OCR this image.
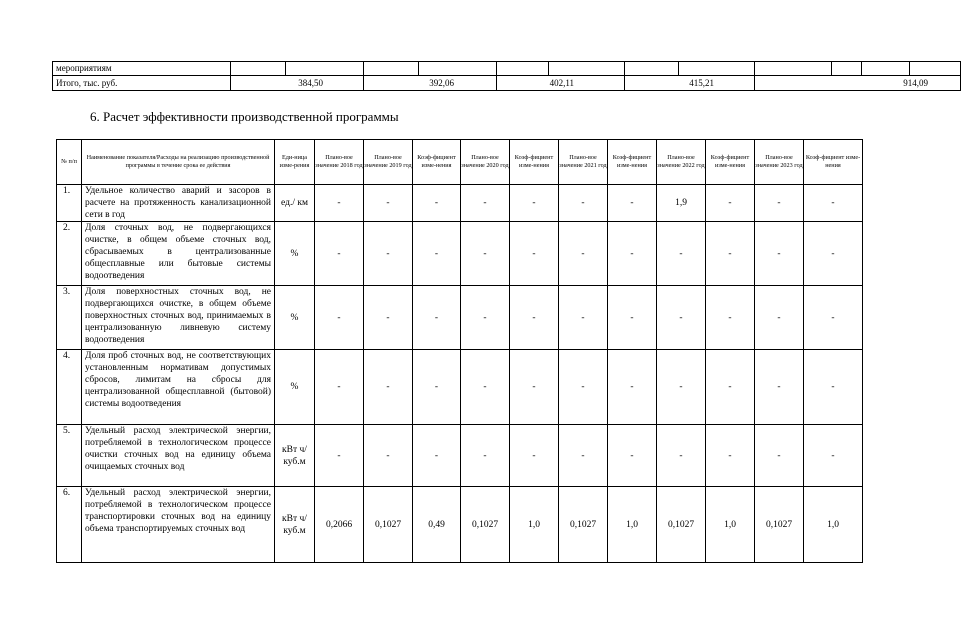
мероприятиям												
Итого, тыс. руб.	384,50		392,06		402,11		415,21		914,09			
6. Расчет эффективности производственной программы
№ п/п	Наименование показателя/Расходы на реализацию производственной программы в течение срока ее действия	Еди-ница изме-рения	Плано-вое значение 2018 год	Плано-вое значение 2019 год	Коэф-фициент изме-нения	Плано-вое значение 2020 год	Коэф-фициент изме-нения	Плано-вое значение 2021 год	Коэф-фициент изме-нения	Плано-вое значение 2022 год	Коэф-фициент изме-нения	Плано-вое значение 2023 год	Коэф-фициент изме-нения
1.	Удельное количество аварий и засоров в расчете на протяженность канализационной сети в год	ед./ км	-	-	-	-	-	-	-	1,9	-	-	-
2.	Доля сточных вод, не подвергающихся очистке, в общем объеме сточных вод, сбрасываемых в централизованные общесплавные или бытовые системы водоотведения	%	-	-	-	-	-	-	-	-	-	-	-
3.	Доля поверхностных сточных вод, не подвергающихся очистке, в общем объеме поверхностных сточных вод, принимаемых в централизованную ливневую систему водоотведения	%	-	-	-	-	-	-	-	-	-	-	-
4.	Доля проб сточных вод, не соответствующих установленным нормативам допустимых сбросов, лимитам на сбросы для централизованной общесплавной (бытовой) системы водоотведения	%	-	-	-	-	-	-	-	-	-	-	-
5.	Удельный расход электрической энергии, потребляемой в технологическом процессе очистки сточных вод на единицу объема очищаемых сточных вод	кВт ч/куб.м	-	-	-	-	-	-	-	-	-	-	-
6.	Удельный расход электрической энергии, потребляемой в технологическом процессе транспортировки сточных вод на единицу объема транспортируемых сточных вод	кВт ч/куб.м	0,2066	0,1027	0,49	0,1027	1,0	0,1027	1,0	0,1027	1,0	0,1027	1,0
